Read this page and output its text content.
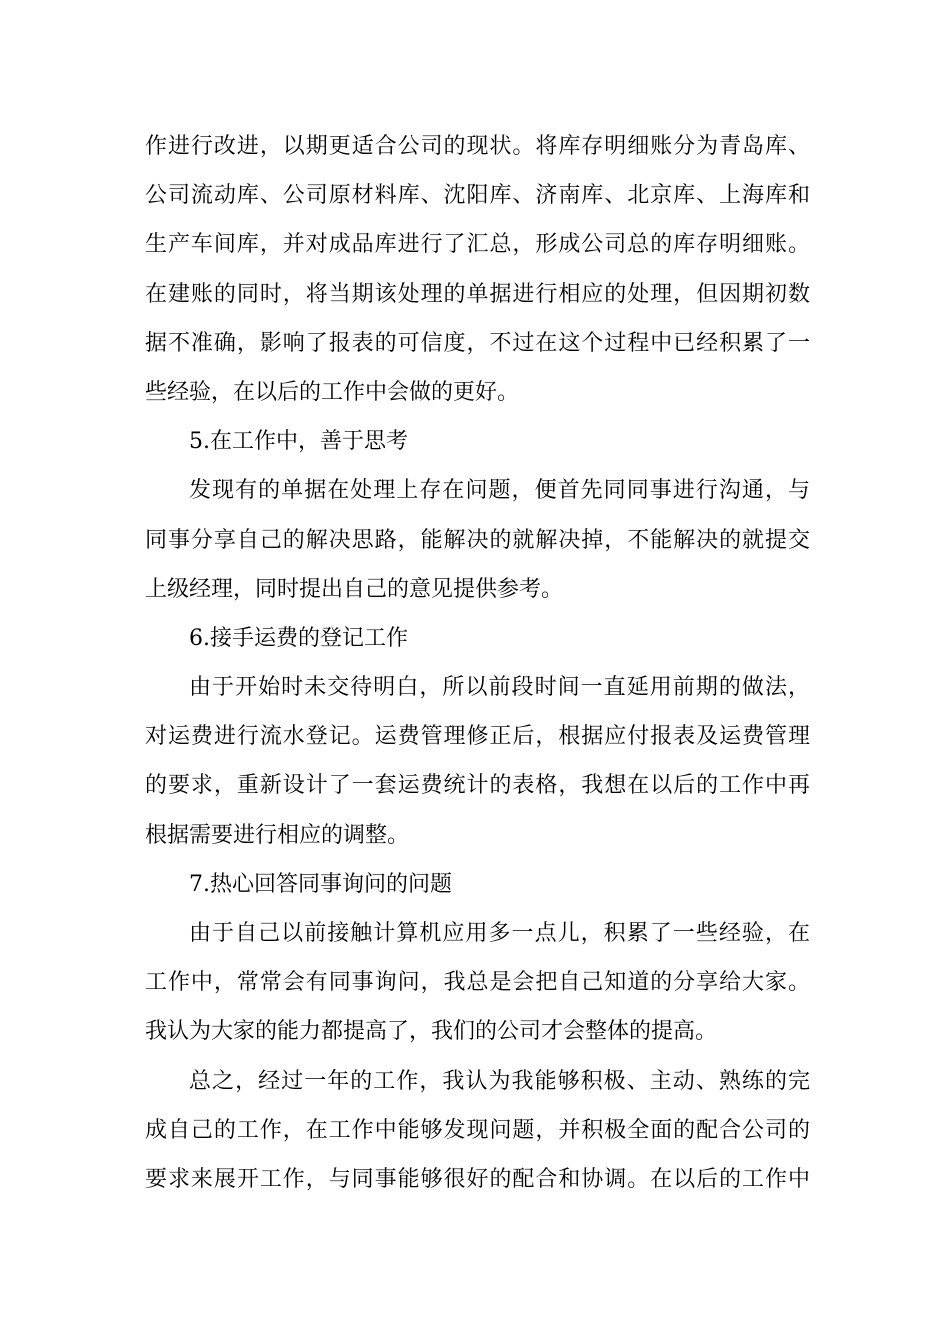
作进行改进，以期更适合公司的现状。将库存明细账分为青岛库、
公司流动库、公司原材料库、沈阳库、济南库、北京库、上海库和
生产车间库，并对成品库进行了汇总，形成公司总的库存明细账。
在建账的同时，将当期该处理的单据进行相应的处理，但因期初数
据不准确，影响了报表的可信度，不过在这个过程中已经积累了一
些经验，在以后的工作中会做的更好。
5.在工作中，善于思考
发现有的单据在处理上存在问题，便首先同同事进行沟通，与
同事分享自己的解决思路，能解决的就解决掉，不能解决的就提交
上级经理，同时提出自己的意见提供参考。
6.接手运费的登记工作
由于开始时未交待明白，所以前段时间一直延用前期的做法，
对运费进行流水登记。运费管理修正后，根据应付报表及运费管理
的要求，重新设计了一套运费统计的表格，我想在以后的工作中再
根据需要进行相应的调整。
7.热心回答同事询问的问题
由于自己以前接触计算机应用多一点儿，积累了一些经验，在
工作中，常常会有同事询问，我总是会把自己知道的分享给大家。
我认为大家的能力都提高了，我们的公司才会整体的提高。
总之，经过一年的工作，我认为我能够积极、主动、熟练的完
成自己的工作，在工作中能够发现问题，并积极全面的配合公司的
要求来展开工作，与同事能够很好的配合和协调。在以后的工作中
